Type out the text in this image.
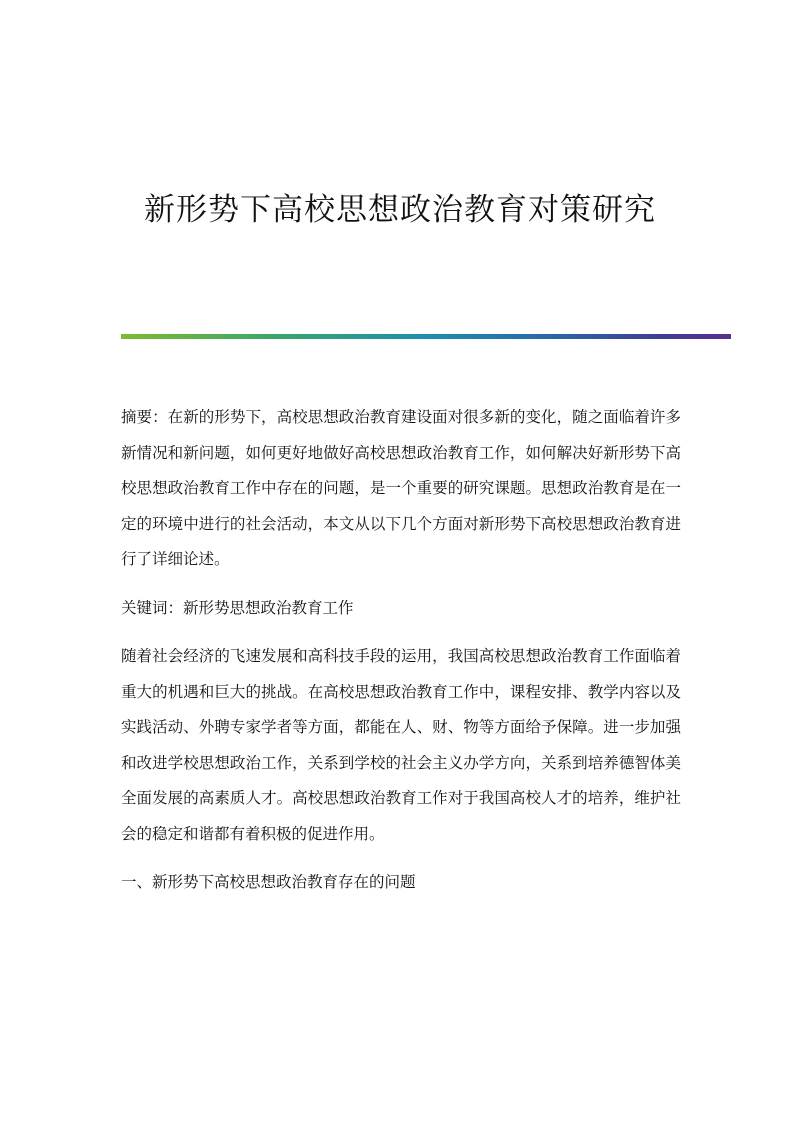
新形势下高校思想政治教育对策研究

摘要：在新的形势下，高校思想政治教育建设面对很多新的变化，随之面临着许多新情况和新问题，如何更好地做好高校思想政治教育工作，如何解决好新形势下高校思想政治教育工作中存在的问题，是一个重要的研究课题。思想政治教育是在一定的环境中进行的社会活动，本文从以下几个方面对新形势下高校思想政治教育进行了详细论述。

关键词：新形势思想政治教育工作

随着社会经济的飞速发展和高科技手段的运用，我国高校思想政治教育工作面临着重大的机遇和巨大的挑战。在高校思想政治教育工作中，课程安排、教学内容以及实践活动、外聘专家学者等方面，都能在人、财、物等方面给予保障。进一步加强和改进学校思想政治工作，关系到学校的社会主义办学方向，关系到培养德智体美全面发展的高素质人才。高校思想政治教育工作对于我国高校人才的培养，维护社会的稳定和谐都有着积极的促进作用。

一、新形势下高校思想政治教育存在的问题
